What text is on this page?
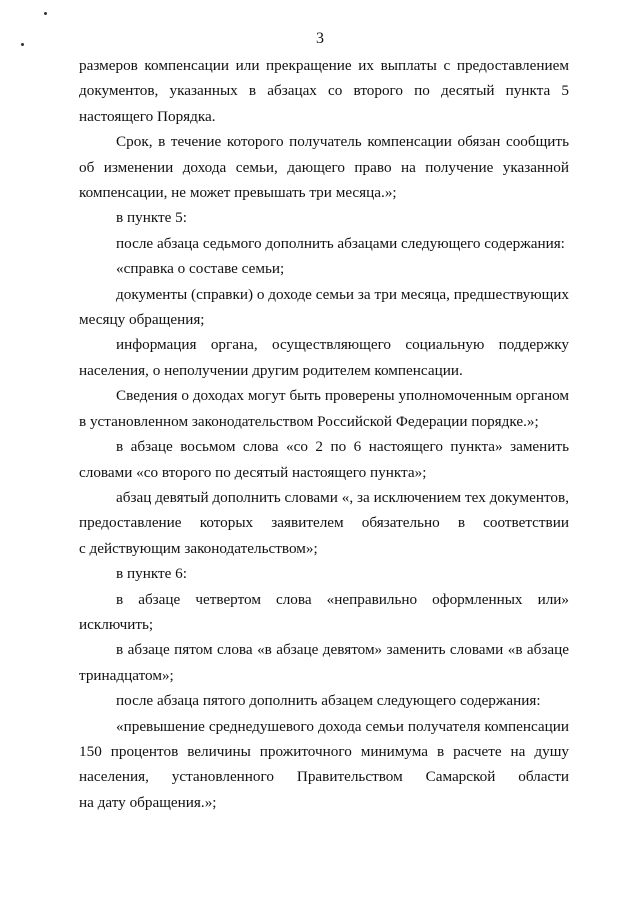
3

размеров компенсации или прекращение их выплаты с предоставлением

документов, указанных в абзацах со второго по десятый пункта 5

настоящего Порядка.

Срок, в течение которого получатель компенсации обязан сообщить

об изменении дохода семьи, дающего право на получение указанной

компенсации, не может превышать три месяца.»;

в пункте 5:

после абзаца седьмого дополнить абзацами следующего содержания:

«справка о составе семьи;

документы (справки) о доходе семьи за три месяца, предшествующих

месяцу обращения;

информация органа, осуществляющего социальную поддержку

населения, о неполучении другим родителем компенсации.

Сведения о доходах могут быть проверены уполномоченным органом

в установленном законодательством Российской Федерации порядке.»;

в абзаце восьмом слова «со 2 по 6 настоящего пункта» заменить

словами «со второго по десятый настоящего пункта»;

абзац девятый дополнить словами «, за исключением тех документов,

предоставление которых заявителем обязательно в соответствии

с действующим законодательством»;

в пункте 6:

в абзаце четвертом слова «неправильно оформленных или»

исключить;

в абзаце пятом слова «в абзаце девятом» заменить словами «в абзаце

тринадцатом»;

после абзаца пятого дополнить абзацем следующего содержания:

«превышение среднедушевого дохода семьи получателя компенсации

150 процентов величины прожиточного минимума в расчете на душу

населения, установленного Правительством Самарской области

на дату обращения.»;
